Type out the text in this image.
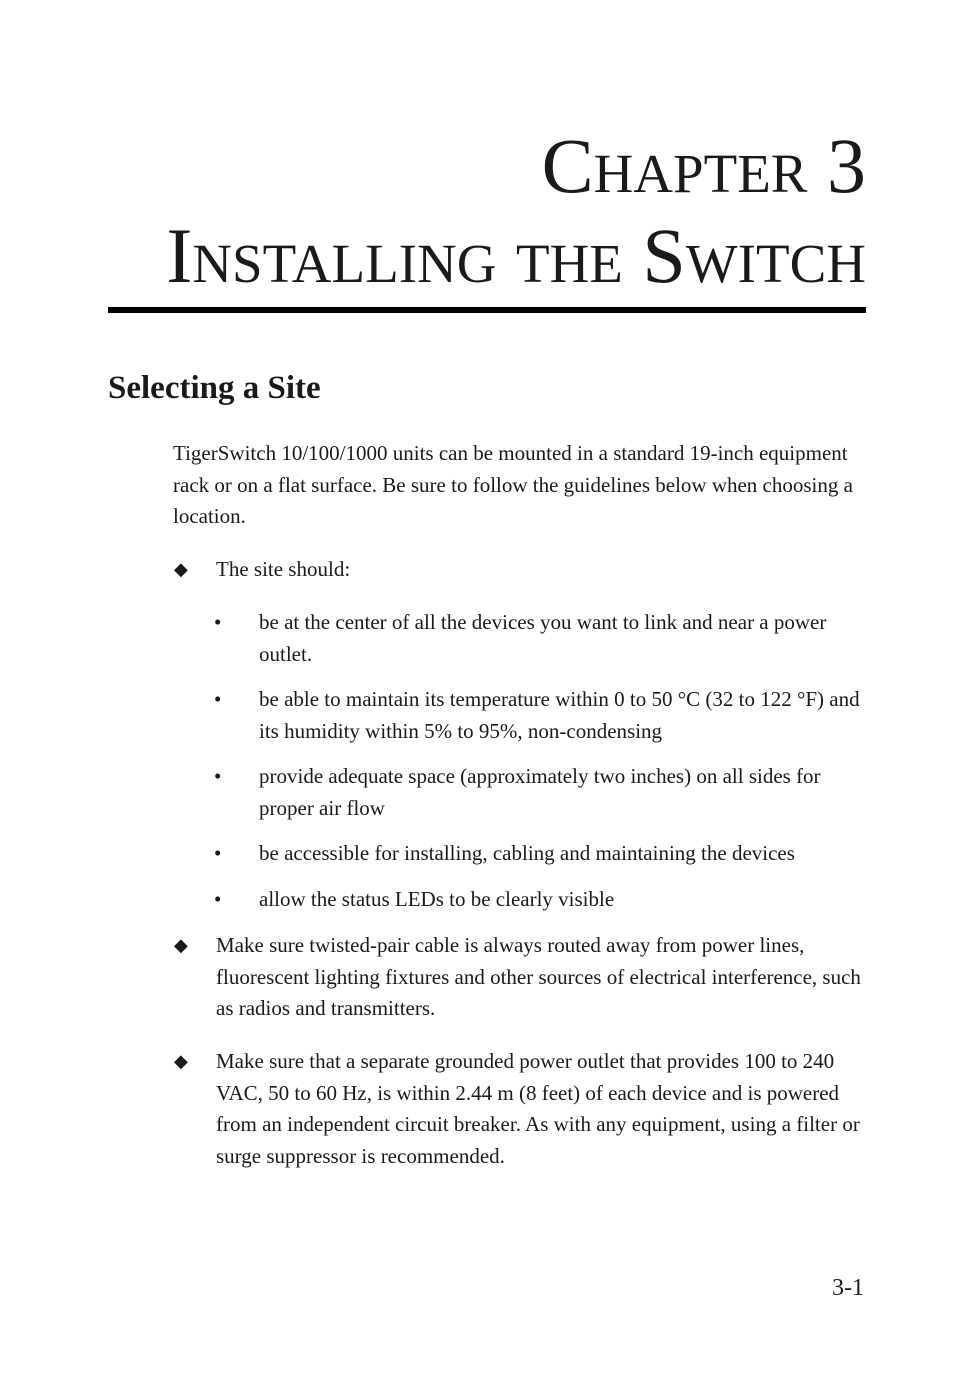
Chapter 3
Installing the Switch
Selecting a Site

TigerSwitch 10/100/1000 units can be mounted in a standard 19-inch equipment rack or on a flat surface. Be sure to follow the guidelines below when choosing a location.

◆ The site should:

• be at the center of all the devices you want to link and near a power outlet.

• be able to maintain its temperature within 0 to 50 °C (32 to 122 °F) and its humidity within 5% to 95%, non-condensing

• provide adequate space (approximately two inches) on all sides for proper air flow

• be accessible for installing, cabling and maintaining the devices

• allow the status LEDs to be clearly visible

◆ Make sure twisted-pair cable is always routed away from power lines, fluorescent lighting fixtures and other sources of electrical interference, such as radios and transmitters.

◆ Make sure that a separate grounded power outlet that provides 100 to 240 VAC, 50 to 60 Hz, is within 2.44 m (8 feet) of each device and is powered from an independent circuit breaker. As with any equipment, using a filter or surge suppressor is recommended.

3-1
